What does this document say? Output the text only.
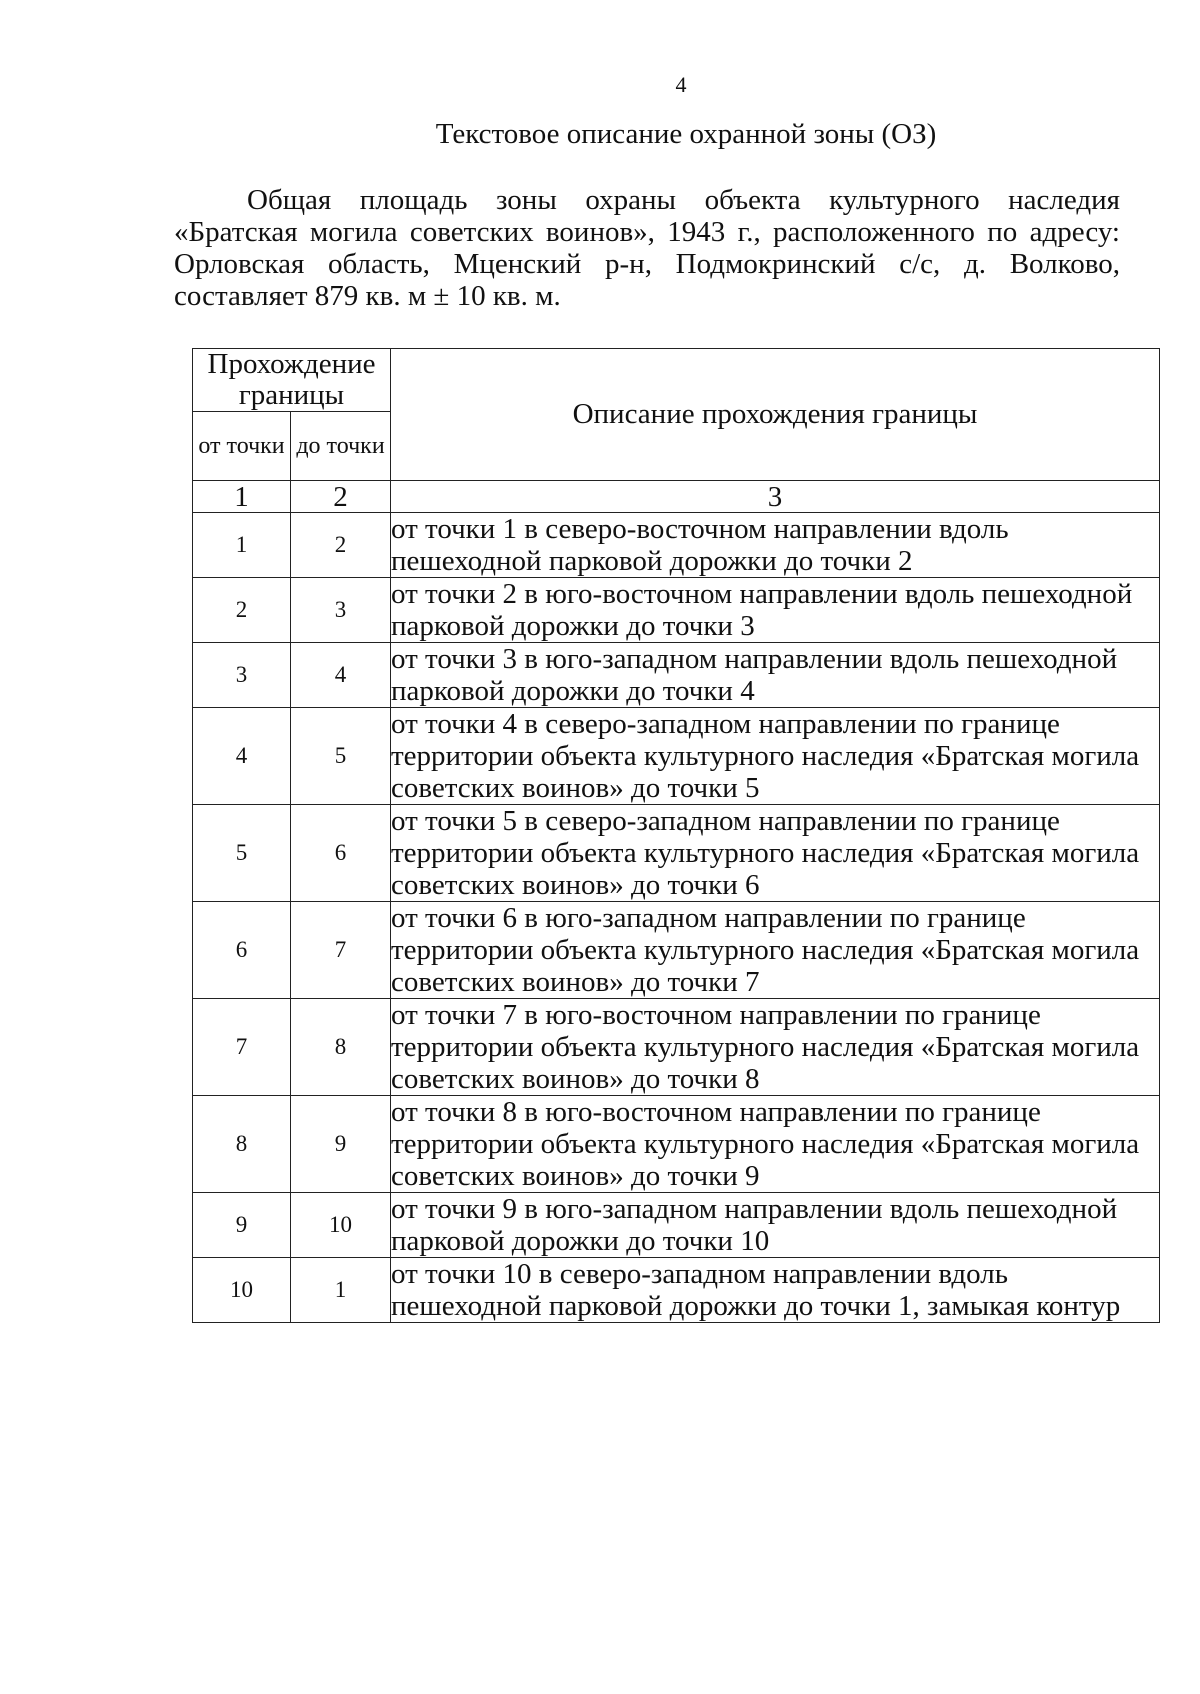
4
Текстовое описание охранной зоны (ОЗ)

Общая площадь зоны охраны объекта культурного наследия «Братская могила советских воинов», 1943 г., расположенного по адресу: Орловская область, Мценский р-н, Подмокринский с/с, д. Волково, составляет 879 кв. м ± 10 кв. м.

Прохождение границы		Описание прохождения границы
от точки	до точки	
1	2	3
1	2	от точки 1 в северо-восточном направлении вдоль пешеходной парковой дорожки до точки 2
2	3	от точки 2 в юго-восточном направлении вдоль пешеходной парковой дорожки до точки 3
3	4	от точки 3 в юго-западном направлении вдоль пешеходной парковой дорожки до точки 4
4	5	от точки 4 в северо-западном направлении по границе территории объекта культурного наследия «Братская могила советских воинов» до точки 5
5	6	от точки 5 в северо-западном направлении по границе территории объекта культурного наследия «Братская могила советских воинов» до точки 6
6	7	от точки 6 в юго-западном направлении по границе территории объекта культурного наследия «Братская могила советских воинов» до точки 7
7	8	от точки 7 в юго-восточном направлении по границе территории объекта культурного наследия «Братская могила советских воинов» до точки 8
8	9	от точки 8 в юго-восточном направлении по границе территории объекта культурного наследия «Братская могила советских воинов» до точки 9
9	10	от точки 9 в юго-западном направлении вдоль пешеходной парковой дорожки до точки 10
10	1	от точки 10 в северо-западном направлении вдоль пешеходной парковой дорожки до точки 1, замыкая контур
